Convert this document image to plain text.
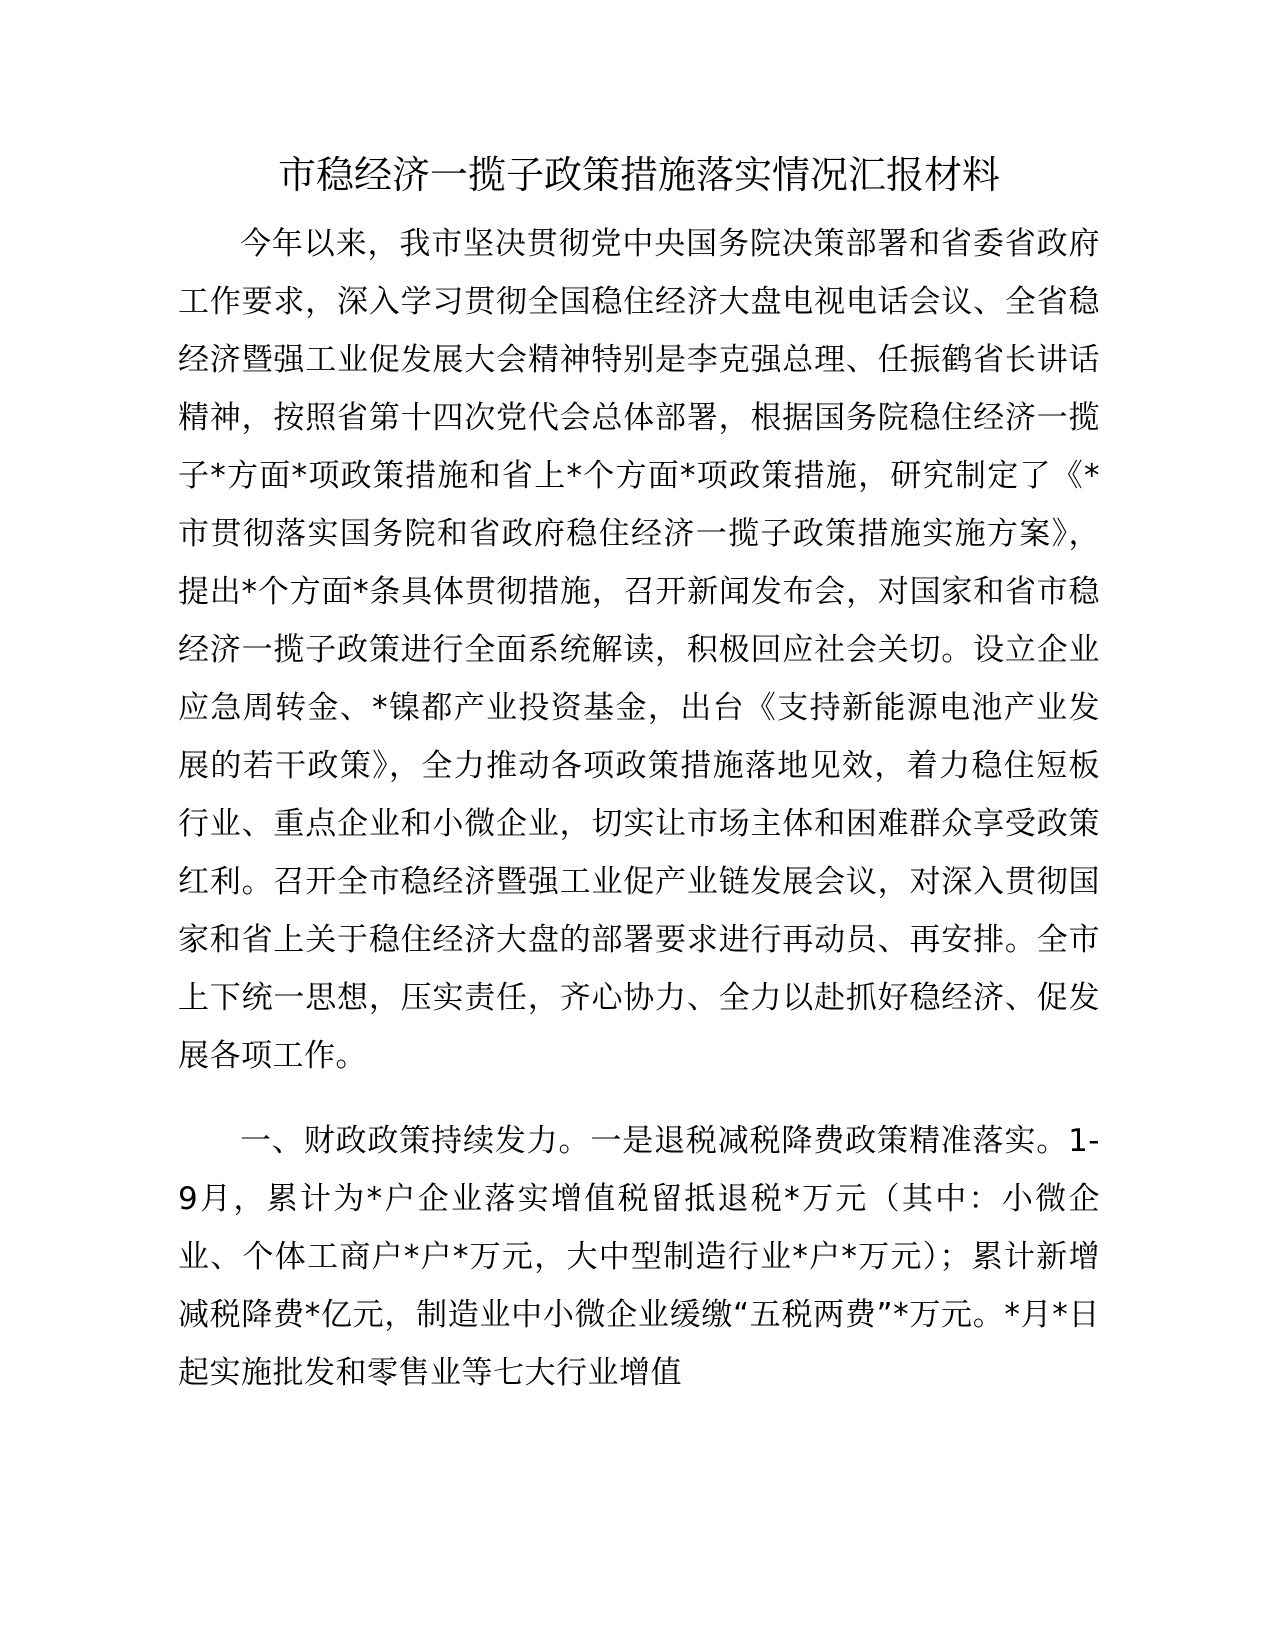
市稳经济一揽子政策措施落实情况汇报材料

今年以来，我市坚决贯彻党中央国务院决策部署和省委省政府工作要求，深入学习贯彻全国稳住经济大盘电视电话会议、全省稳经济暨强工业促发展大会精神特别是李克强总理、任振鹤省长讲话精神，按照省第十四次党代会总体部署，根据国务院稳住经济一揽子*方面*项政策措施和省上*个方面*项政策措施，研究制定了《*市贯彻落实国务院和省政府稳住经济一揽子政策措施实施方案》，提出*个方面*条具体贯彻措施，召开新闻发布会，对国家和省市稳经济一揽子政策进行全面系统解读，积极回应社会关切。设立企业应急周转金、*镍都产业投资基金，出台《支持新能源电池产业发展的若干政策》，全力推动各项政策措施落地见效，着力稳住短板行业、重点企业和小微企业，切实让市场主体和困难群众享受政策红利。召开全市稳经济暨强工业促产业链发展会议，对深入贯彻国家和省上关于稳住经济大盘的部署要求进行再动员、再安排。全市上下统一思想，压实责任，齐心协力、全力以赴抓好稳经济、促发展各项工作。

一、财政政策持续发力。一是退税减税降费政策精准落实。1-9月，累计为*户企业落实增值税留抵退税*万元（其中：小微企业、个体工商户*户*万元，大中型制造行业*户*万元）；累计新增减税降费*亿元，制造业中小微企业缓缴“五税两费”*万元。*月*日起实施批发和零售业等七大行业增值
